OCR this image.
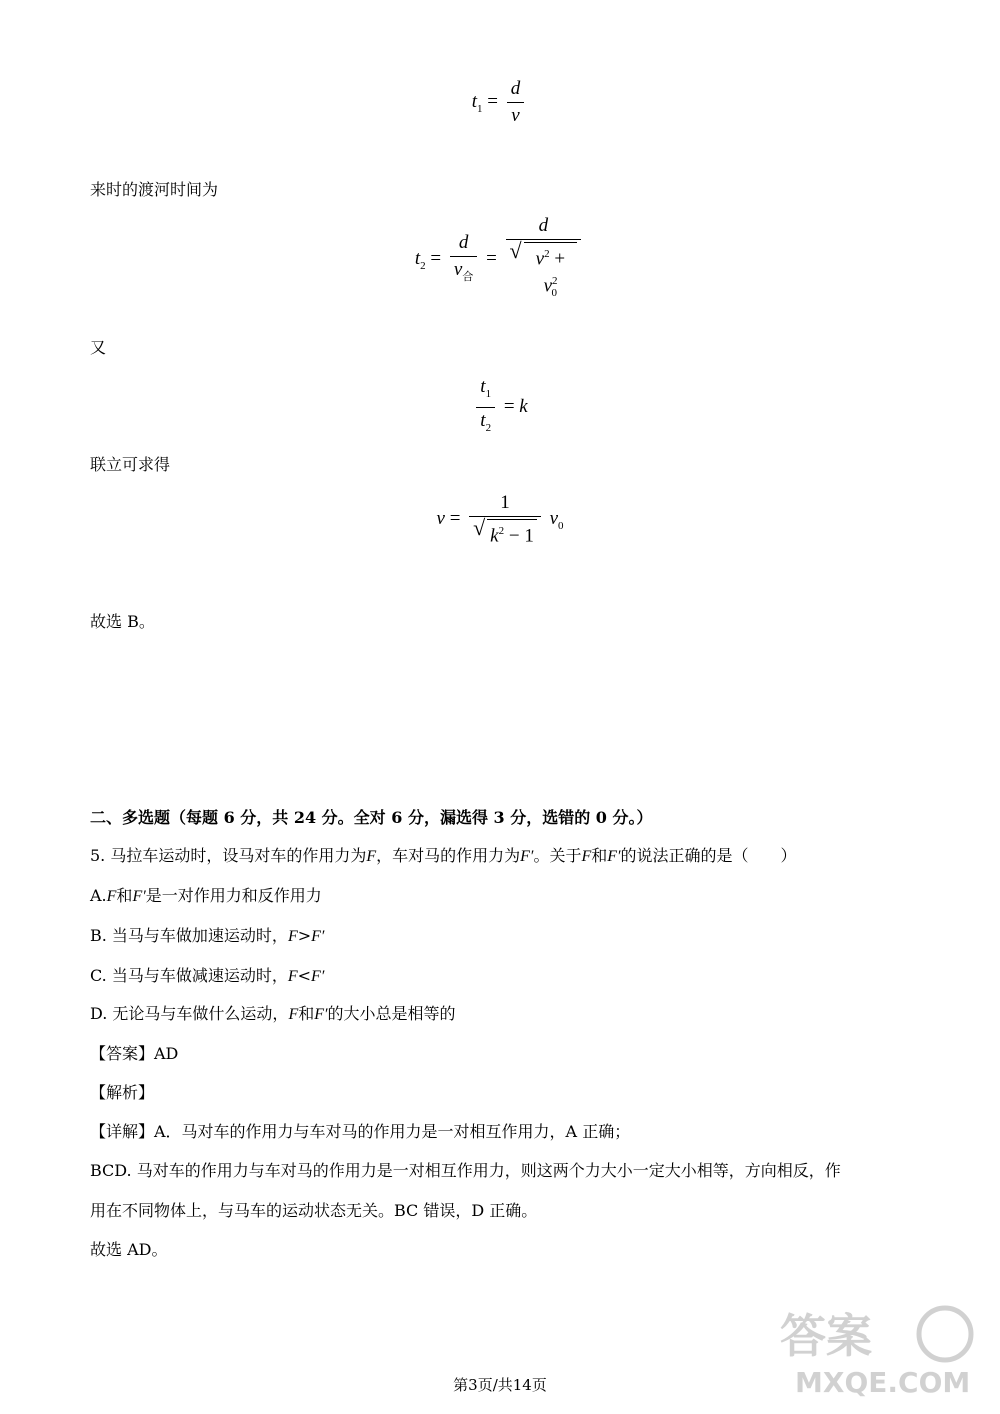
$t_1 = \frac{d}{v}$
来时的渡河时间为
$t_2 = \frac{d}{v_合} = \frac{d}{√ v^2 + v^2_0}$
又
$\frac{t_1}{t_2} = k$
联立可求得
$v = \frac{1}{√ k^2 - 1} v_0$
故选 B。
二、多选题（每题 6 分，共 24 分。全对 6 分，漏选得 3 分，选错的 0 分。）
5. 马拉车运动时，设马对车的作用力为F，车对马的作用力为F′。关于F和F′的说法正确的是（　　）
A.F和F′是一对作用力和反作用力
B. 当马与车做加速运动时，F>F′
C. 当马与车做减速运动时，F<F′
D. 无论马与车做什么运动，F和F′的大小总是相等的
【答案】AD
【解析】
【详解】A．马对车的作用力与车对马的作用力是一对相互作用力，A 正确；
BCD. 马对车的作用力与车对马的作用力是一对相互作用力，则这两个力大小一定大小相等，方向相反，作
用在不同物体上，与马车的运动状态无关。BC 错误，D 正确。
故选 AD。
答案
MXQE.COM
第3页/共14页
